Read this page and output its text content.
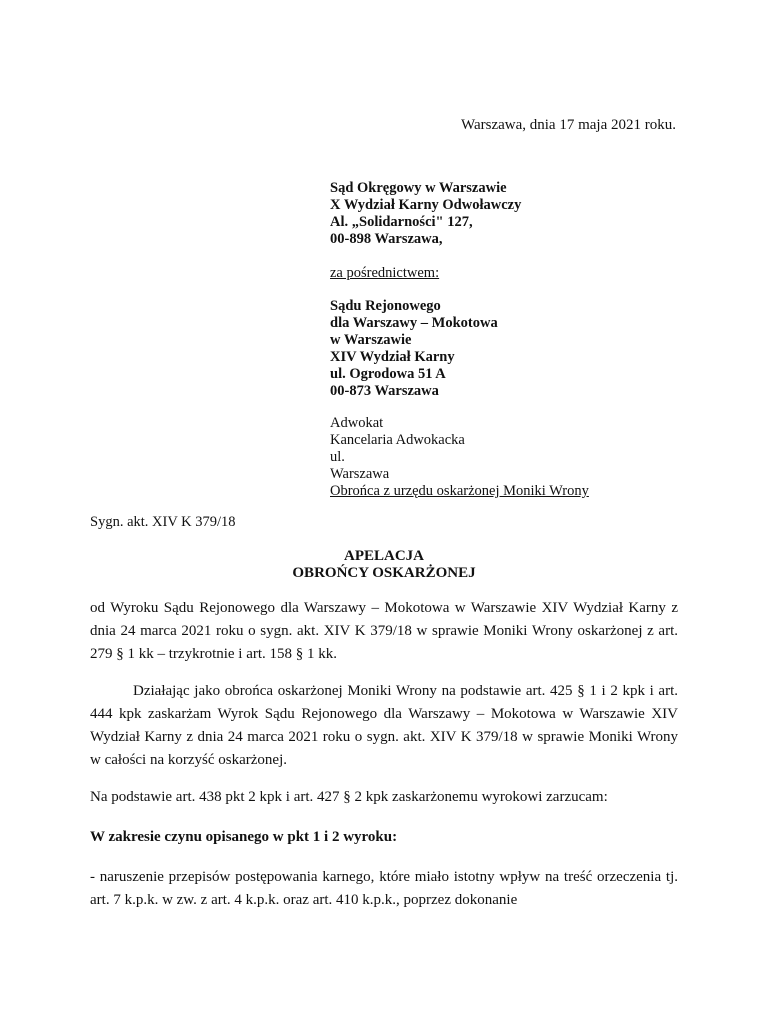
Warszawa, dnia 17 maja 2021 roku.
Sąd Okręgowy w Warszawie
X Wydział Karny Odwoławczy
Al. „Solidarności" 127,
00-898 Warszawa,
za pośrednictwem:
Sądu Rejonowego
dla Warszawy – Mokotowa
w Warszawie
XIV Wydział Karny
ul. Ogrodowa 51 A
00-873 Warszawa
Adwokat
Kancelaria Adwokacka
ul.
Warszawa
Obrońca z urzędu oskarżonej Moniki Wrony
Sygn. akt. XIV K 379/18
APELACJA
OBROŃCY OSKARŻONEJ
od Wyroku Sądu Rejonowego dla Warszawy – Mokotowa w Warszawie XIV Wydział Karny z dnia 24 marca 2021 roku o sygn. akt. XIV K 379/18 w sprawie Moniki Wrony oskarżonej z art. 279 § 1 kk – trzykrotnie i art. 158 § 1 kk.
Działając jako obrońca oskarżonej Moniki Wrony na podstawie art. 425 § 1 i 2 kpk i art. 444 kpk zaskarżam Wyrok Sądu Rejonowego dla Warszawy – Mokotowa w Warszawie XIV Wydział Karny z dnia 24 marca 2021 roku o sygn. akt. XIV K 379/18 w sprawie Moniki Wrony w całości na korzyść oskarżonej.
Na podstawie art. 438 pkt 2 kpk i art. 427 § 2 kpk zaskarżonemu wyrokowi zarzucam:
W zakresie czynu opisanego w pkt 1 i 2 wyroku:
- naruszenie przepisów postępowania karnego, które miało istotny wpływ na treść orzeczenia tj. art. 7 k.p.k. w zw. z art. 4 k.p.k. oraz art. 410 k.p.k., poprzez dokonanie
